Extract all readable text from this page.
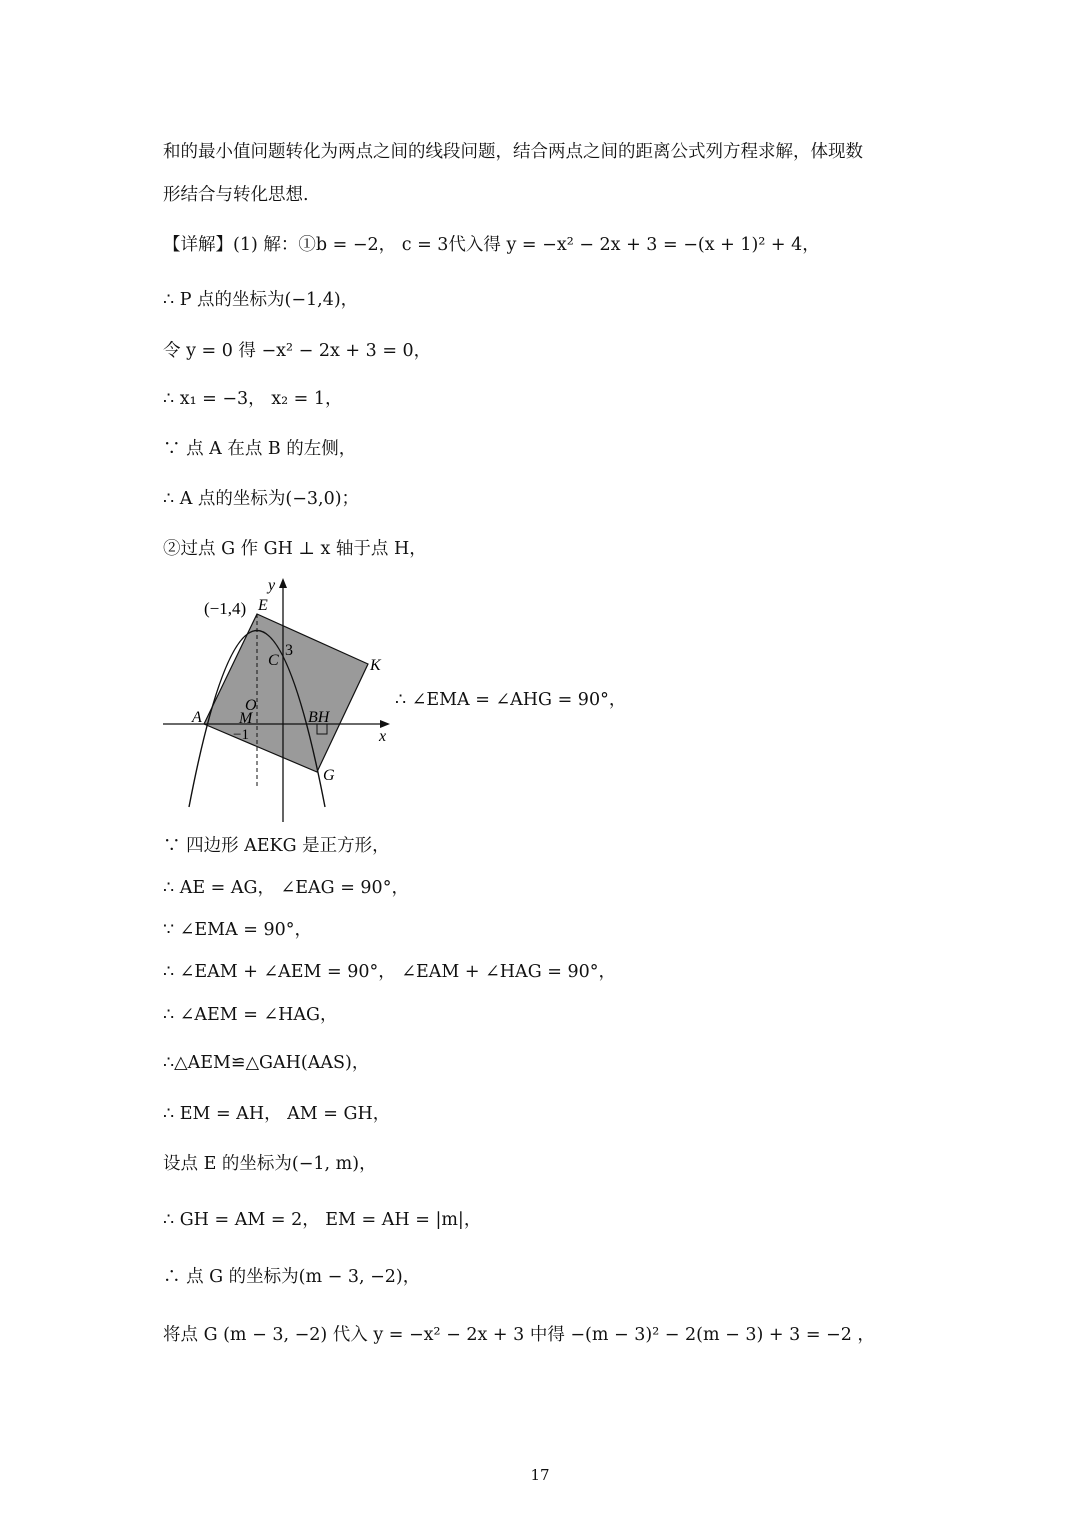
和的最小值问题转化为两点之间的线段问题，结合两点之间的距离公式列方程求解，体现数
形结合与转化思想.
【详解】(1) 解：①b = −2， c = 3代入得 y = −x² − 2x + 3 = −(x + 1)² + 4，
∴ P 点的坐标为(−1,4)，
令 y = 0 得 −x² − 2x + 3 = 0，
∴ x₁ = −3， x₂ = 1，
∵ 点 A 在点 B 的左侧，
∴ A 点的坐标为(−3,0)；
②过点 G 作 GH ⊥ x 轴于点 H，
y
x
(−1,4) E
C
3
K
O
A M	BH
−1
G
∴ ∠EMA = ∠AHG = 90°，
∵ 四边形 AEKG 是正方形，
∴ AE = AG， ∠EAG = 90°，
∵ ∠EMA = 90°，
∴ ∠EAM + ∠AEM = 90°， ∠EAM + ∠HAG = 90°，
∴ ∠AEM = ∠HAG，
∴△AEM≌△GAH(AAS)，
∴ EM = AH， AM = GH，
设点 E 的坐标为(−1, m)，
∴ GH = AM = 2， EM = AH = |m|，
∴ 点 G 的坐标为(m − 3, −2)，
将点 G (m − 3, −2) 代入 y = −x² − 2x + 3 中得 −(m − 3)² − 2(m − 3) + 3 = −2 ，
17
